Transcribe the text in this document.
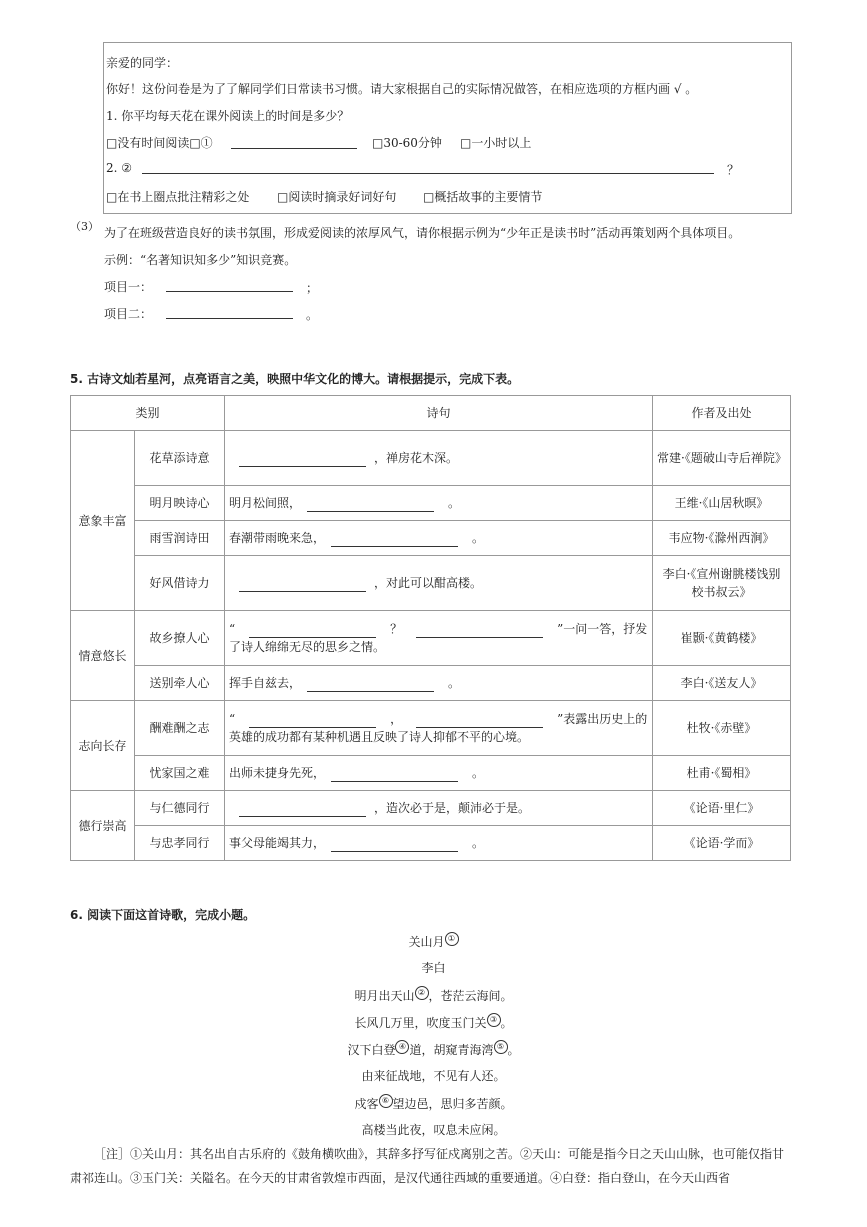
亲爱的同学：
你好！这份问卷是为了了解同学们日常读书习惯。请大家根据自己的实际情况做答，在相应选项的方框内画 √ 。
1. 你平均每天花在课外阅读上的时间是多少？
□没有时间阅读□①	□30-60分钟 □一小时以上
2. ②	？
□在书上圈点批注精彩之处 □阅读时摘录好词好句 □概括故事的主要情节
（3） 为了在班级营造良好的读书氛围，形成爱阅读的浓厚风气，请你根据示例为“少年正是读书时”活动再策划两个具体项目。
示例：“名著知识知多少”知识竞赛。
项目一：	；
项目二：	。
5. 古诗文灿若星河，点亮语言之美，映照中华文化的博大。请根据提示，完成下表。
类别		诗句	作者及出处
意象丰富	花草添诗意	，禅房花木深。	常建·《题破山寺后禅院》
	明月映诗心	明月松间照， 。	王维·《山居秋暝》
	雨雪润诗田	春潮带雨晚来急， 。	韦应物·《滁州西涧》
	好风借诗力	，对此可以酣高楼。	李白·《宣州谢朓楼饯别校书叔云》
情意悠长	故乡撩人心	“ ？ ”一问一答，抒发了诗人绵绵无尽的思乡之情。	崔颢·《黄鹤楼》
	送别牵人心	挥手自兹去， 。	李白·《送友人》
志向长存	酬难酬之志	“ ， ”表露出历史上的英雄的成功都有某种机遇且反映了诗人抑郁不平的心境。	杜牧·《赤壁》
	忧家国之难	出师未捷身先死， 。	杜甫·《蜀相》
德行崇高	与仁德同行	，造次必于是，颠沛必于是。	《论语·里仁》
	与忠孝同行	事父母能竭其力， 。	《论语·学而》
6. 阅读下面这首诗歌，完成小题。
关山月 ①
李白
明月出天山 ② ，苍茫云海间。
长风几万里，吹度玉门关 ③ 。
汉下白登 ④ 道，胡窥青海湾 ⑤ 。
由来征战地，不见有人还。
戍客 ⑥ 望边邑，思归多苦颜。
高楼当此夜，叹息未应闲。

［注］①关山月：其名出自古乐府的《鼓角横吹曲》，其辞多抒写征戍离别之苦。②天山：可能是指今日之天山山脉，也可能仅指甘肃祁连山。③玉门关：关隘名。在今天的甘肃省敦煌市西面，是汉代通往西域的重要通道。④白登：指白登山，在今天山西省
